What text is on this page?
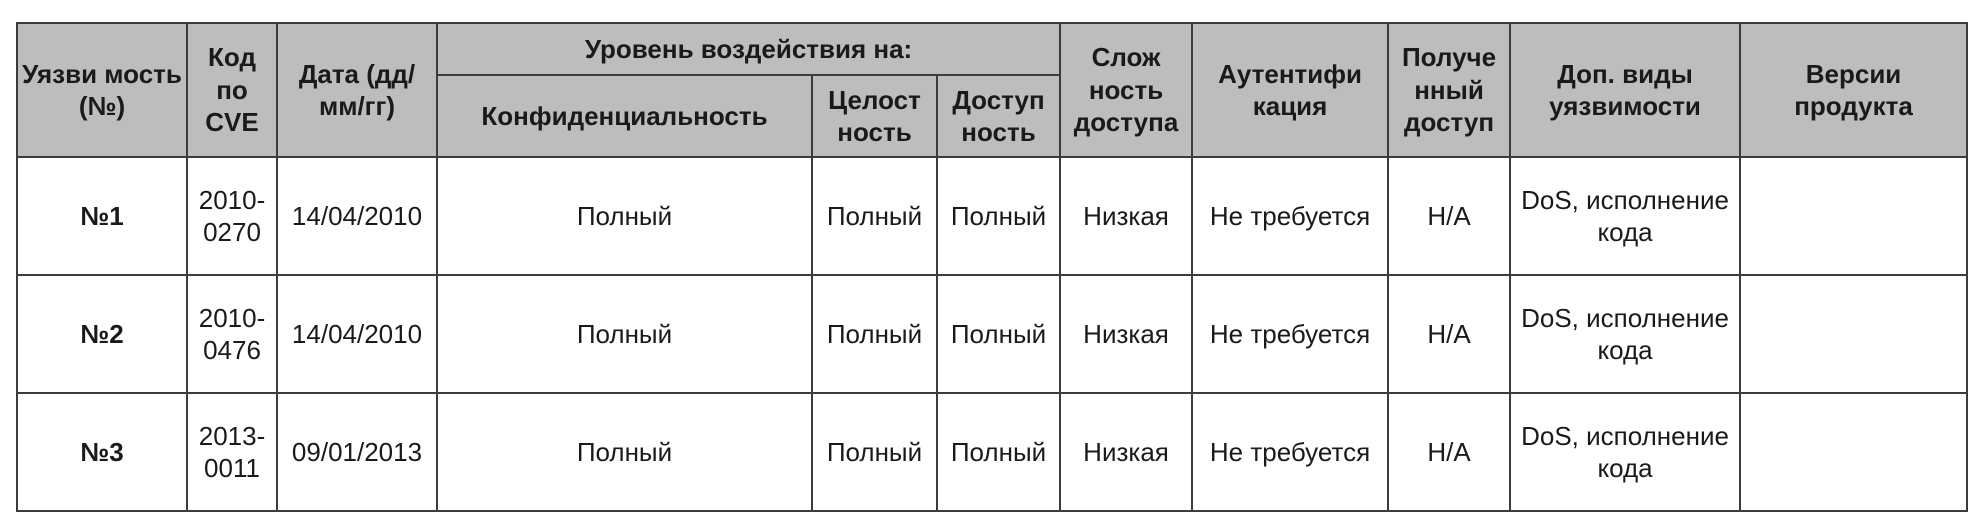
Уязви мость (№)	Код по CVE	Дата (дд/ мм/гг)	Уровень воздействия на:			Слож ность доступа	Аутентифи кация	Получе нный доступ	Доп. виды уязвимости	Версии продукта
			Конфиденциальность	Целост ность	Доступ ность					
№1	2010-0270	14/04/2010	Полный	Полный	Полный	Низкая	Не требуется	Н/А	DoS, исполнение кода	
№2	2010-0476	14/04/2010	Полный	Полный	Полный	Низкая	Не требуется	Н/А	DoS, исполнение кода	
№3	2013-0011	09/01/2013	Полный	Полный	Полный	Низкая	Не требуется	Н/А	DoS, исполнение кода	
